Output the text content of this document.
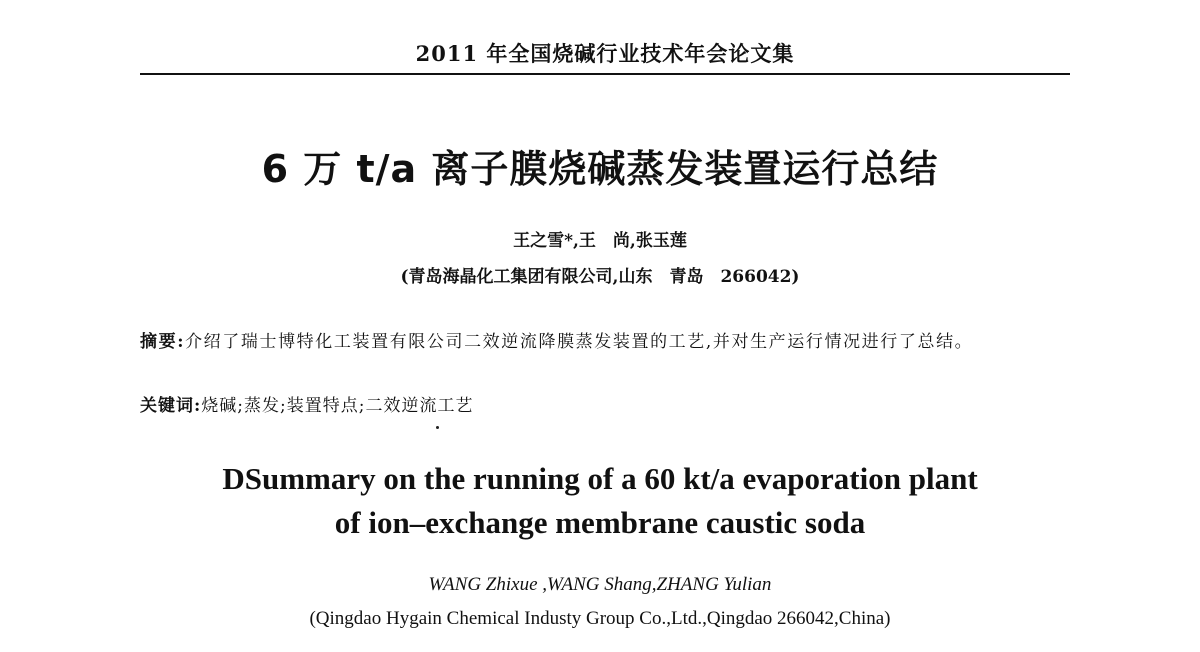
2011 年全国烧碱行业技术年会论文集
6 万 t/a 离子膜烧碱蒸发装置运行总结
王之雪*,王　尚,张玉莲
(青岛海晶化工集团有限公司,山东　青岛　266042)
摘要:介绍了瑞士博特化工装置有限公司二效逆流降膜蒸发装置的工艺,并对生产运行情况进行了总结。
关键词:烧碱;蒸发;装置特点;二效逆流工艺
DSummary on the running of a 60 kt/a evaporation plant
of ion–exchange membrane caustic soda
WANG Zhixue ,WANG Shang,ZHANG Yulian
(Qingdao Hygain Chemical Industy Group Co.,Ltd.,Qingdao 266042,China)
